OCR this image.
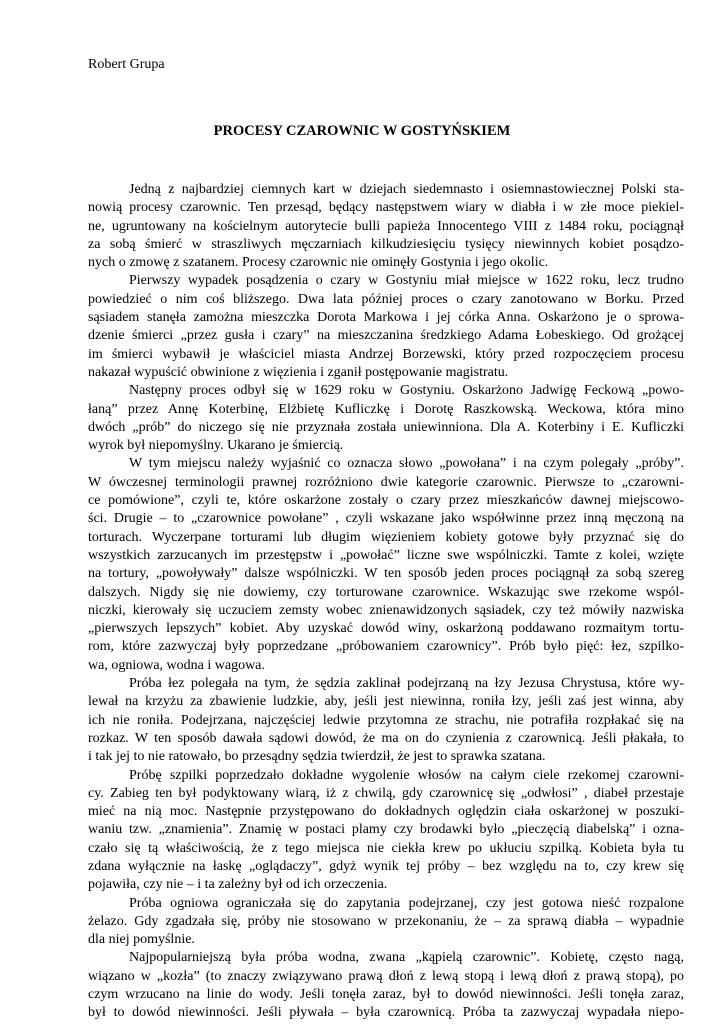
Robert Grupa
PROCESY CZAROWNIC W GOSTYŃSKIEM
Jedną z najbardziej ciemnych kart w dziejach siedemnasto i osiemnastowiecznej Polski sta-
nowią procesy czarownic. Ten przesąd, będący następstwem wiary w diabła i w złe moce piekiel-
ne, ugruntowany na kościelnym autorytecie bulli papieża Innocentego VIII z 1484 roku, pociągnął
za sobą śmierć w straszliwych męczarniach kilkudziesięciu tysięcy niewinnych kobiet posądzo-
nych o zmowę z szatanem. Procesy czarownic nie ominęły Gostynia i jego okolic.
Pierwszy wypadek posądzenia o czary w Gostyniu miał miejsce w 1622 roku, lecz trudno
powiedzieć o nim coś bliższego. Dwa lata później proces o czary zanotowano w Borku. Przed
sąsiadem stanęła zamożna mieszczka Dorota Markowa i jej córka Anna. Oskarżono je o sprowa-
dzenie śmierci „przez gusła i czary” na mieszczanina średzkiego Adama Łobeskiego. Od grożącej
im śmierci wybawił je właściciel miasta Andrzej Borzewski, który przed rozpoczęciem procesu
nakazał wypuścić obwinione z więzienia i zganił postępowanie magistratu.
Następny proces odbył się w 1629 roku w Gostyniu. Oskarżono Jadwigę Feckową „powo-
łaną” przez Annę Koterbinę, Elżbietę Kufliczkę i Dorotę Raszkowską. Weckowa, która mino
dwóch „prób” do niczego się nie przyznała została uniewinniona. Dla A. Koterbiny i E. Kufliczki
wyrok był niepomyślny. Ukarano je śmiercią.
W tym miejscu należy wyjaśnić co oznacza słowo „powołana” i na czym polegały „próby”.
W ówczesnej terminologii prawnej rozróżniono dwie kategorie czarownic. Pierwsze to „czarowni-
ce pomówione”, czyli te, które oskarżone zostały o czary przez mieszkańców dawnej miejscowo-
ści. Drugie – to „czarownice powołane” , czyli wskazane jako współwinne przez inną męczoną na
torturach. Wyczerpane torturami lub długim więzieniem kobiety gotowe były przyznać się do
wszystkich zarzucanych im przestępstw i „powołać” liczne swe wspólniczki. Tamte z kolei, wzięte
na tortury, „powoływały” dalsze wspólniczki. W ten sposób jeden proces pociągnął za sobą szereg
dalszych. Nigdy się nie dowiemy, czy torturowane czarownice. Wskazując swe rzekome wspól-
niczki, kierowały się uczuciem zemsty wobec znienawidzonych sąsiadek, czy też mówiły nazwiska
„pierwszych lepszych” kobiet. Aby uzyskać dowód winy, oskarżoną poddawano rozmaitym tortu-
rom, które zazwyczaj były poprzedzane „próbowaniem czarownicy”. Prób było pięć: łez, szpilko-
wa, ogniowa, wodna i wagowa.
Próba łez polegała na tym, że sędzia zaklinał podejrzaną na łzy Jezusa Chrystusa, które wy-
lewał na krzyżu za zbawienie ludzkie, aby, jeśli jest niewinna, roniła łzy, jeśli zaś jest winna, aby
ich nie roniła. Podejrzana, najczęściej ledwie przytomna ze strachu, nie potrafiła rozpłakać się na
rozkaz. W ten sposób dawała sądowi dowód, że ma on do czynienia z czarownicą. Jeśli płakała, to
i tak jej to nie ratowało, bo przesądny sędzia twierdził, że jest to sprawka szatana.
Próbę szpilki poprzedzało dokładne wygolenie włosów na całym ciele rzekomej czarowni-
cy. Zabieg ten był podyktowany wiarą, iż z chwilą, gdy czarownicę się „odwłosi” , diabeł przestaje
mieć na nią moc. Następnie przystępowano do dokładnych oględzin ciała oskarżonej w poszuki-
waniu tzw. „znamienia”. Znamię w postaci plamy czy brodawki było „pieczęcią diabelską” i ozna-
czało się tą właściwością, że z tego miejsca nie ciekła krew po ukłuciu szpilką. Kobieta była tu
zdana wyłącznie na łaskę „oglądaczy”, gdyż wynik tej próby – bez względu na to, czy krew się
pojawiła, czy nie – i ta zależny był od ich orzeczenia.
Próba ogniowa ograniczała się do zapytania podejrzanej, czy jest gotowa nieść rozpalone
żelazo. Gdy zgadzała się, próby nie stosowano w przekonaniu, że – za sprawą diabła – wypadnie
dla niej pomyślnie.
Najpopularniejszą była próba wodna, zwana „kąpielą czarownic”. Kobietę, często nagą,
wiązano w „kozła” (to znaczy związywano prawą dłoń z lewą stopą i lewą dłoń z prawą stopą), po
czym wrzucano na linie do wody. Jeśli tonęła zaraz, był to dowód niewinności. Jeśli tonęła zaraz,
był to dowód niewinności. Jeśli pływała – była czarownicą. Próba ta zazwyczaj wypadała niepo-
